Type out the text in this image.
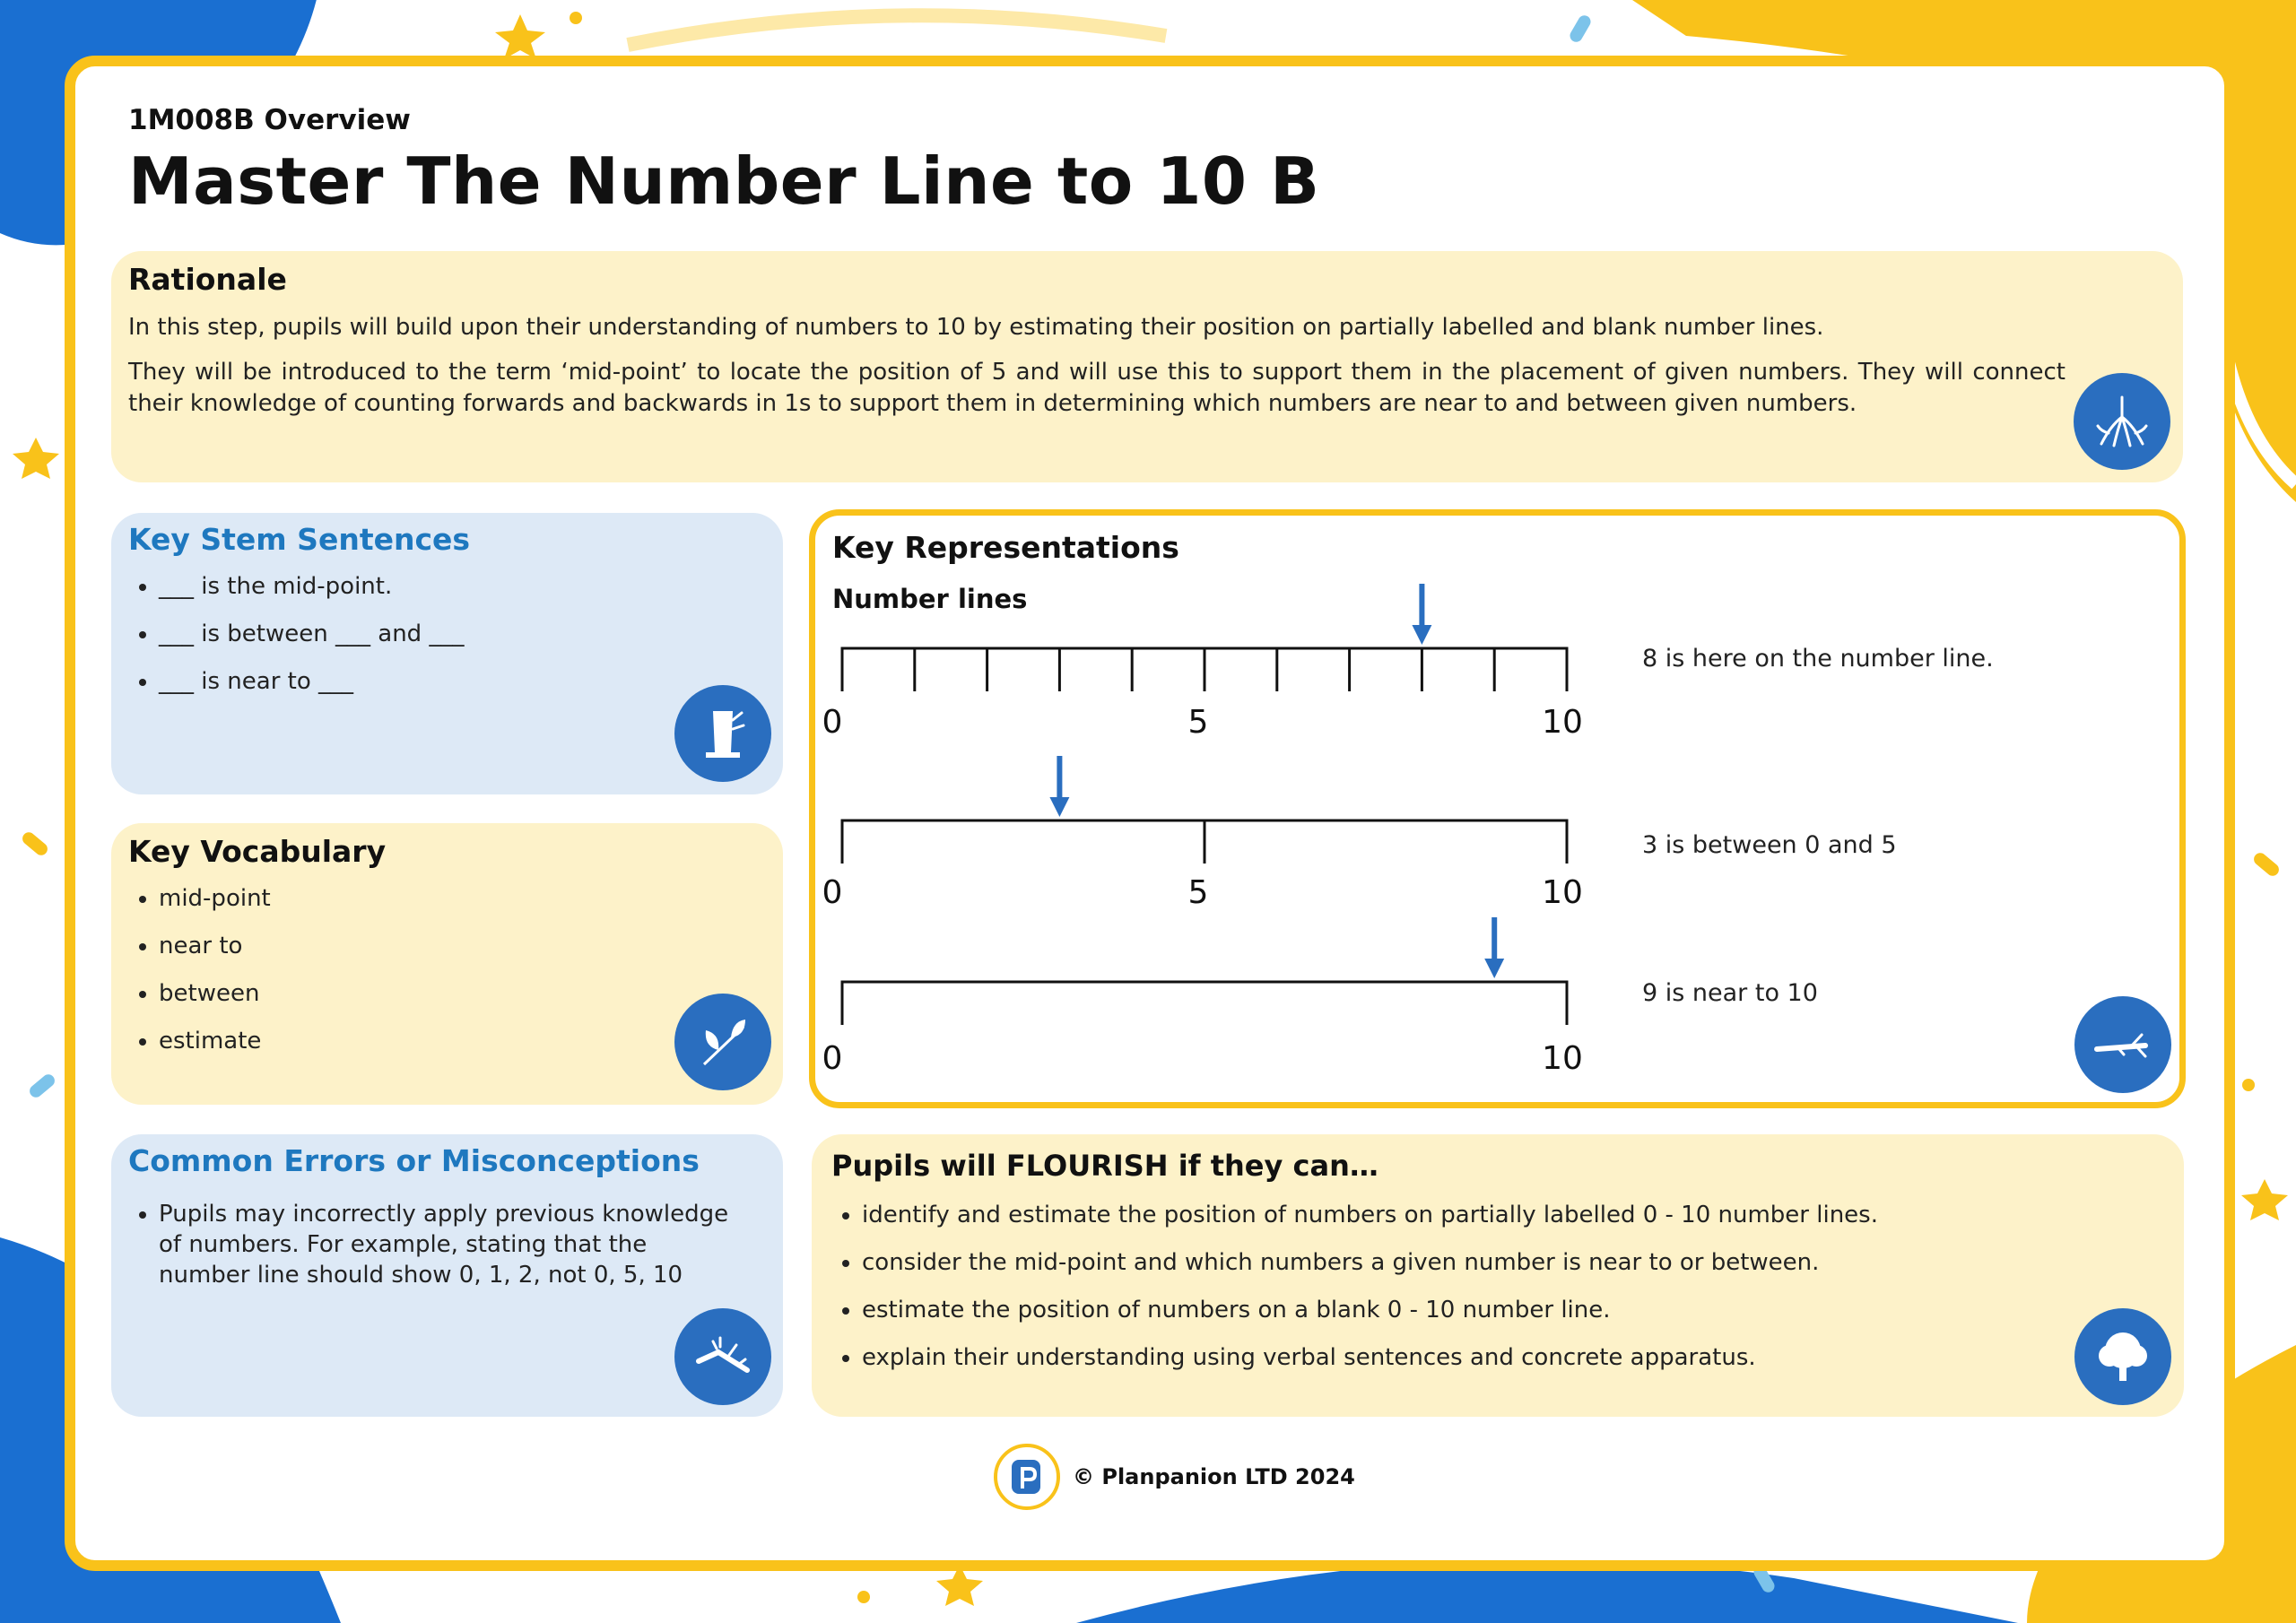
1M008B Overview
Master The Number Line to 10 B
Rationale
In this step, pupils will build upon their understanding of numbers to 10 by estimating their position on partially labelled and blank number lines.
They will be introduced to the term ‘mid-point’ to locate the position of 5 and will use this to support them in the placement of given numbers. They will connect their knowledge of counting forwards and backwards in 1s to support them in determining which numbers are near to and between given numbers.
Key Stem Sentences
• ___ is the mid-point.
• ___ is between ___ and ___
• ___ is near to ___
Key Vocabulary
• mid-point
• near to
• between
• estimate
Common Errors or Misconceptions
• Pupils may incorrectly apply previous knowledge of numbers. For example, stating that the number line should show 0, 1, 2, not 0, 5, 10
Key Representations
Number lines
0	5	10
8 is here on the number line.
0	5	10
3 is between 0 and 5
0	10
9 is near to 10
Pupils will FLOURISH if they can…
• identify and estimate the position of numbers on partially labelled 0 - 10 number lines.
• consider the mid-point and which numbers a given number is near to or between.
• estimate the position of numbers on a blank 0 - 10 number line.
• explain their understanding using verbal sentences and concrete apparatus.
© Planpanion LTD 2024
